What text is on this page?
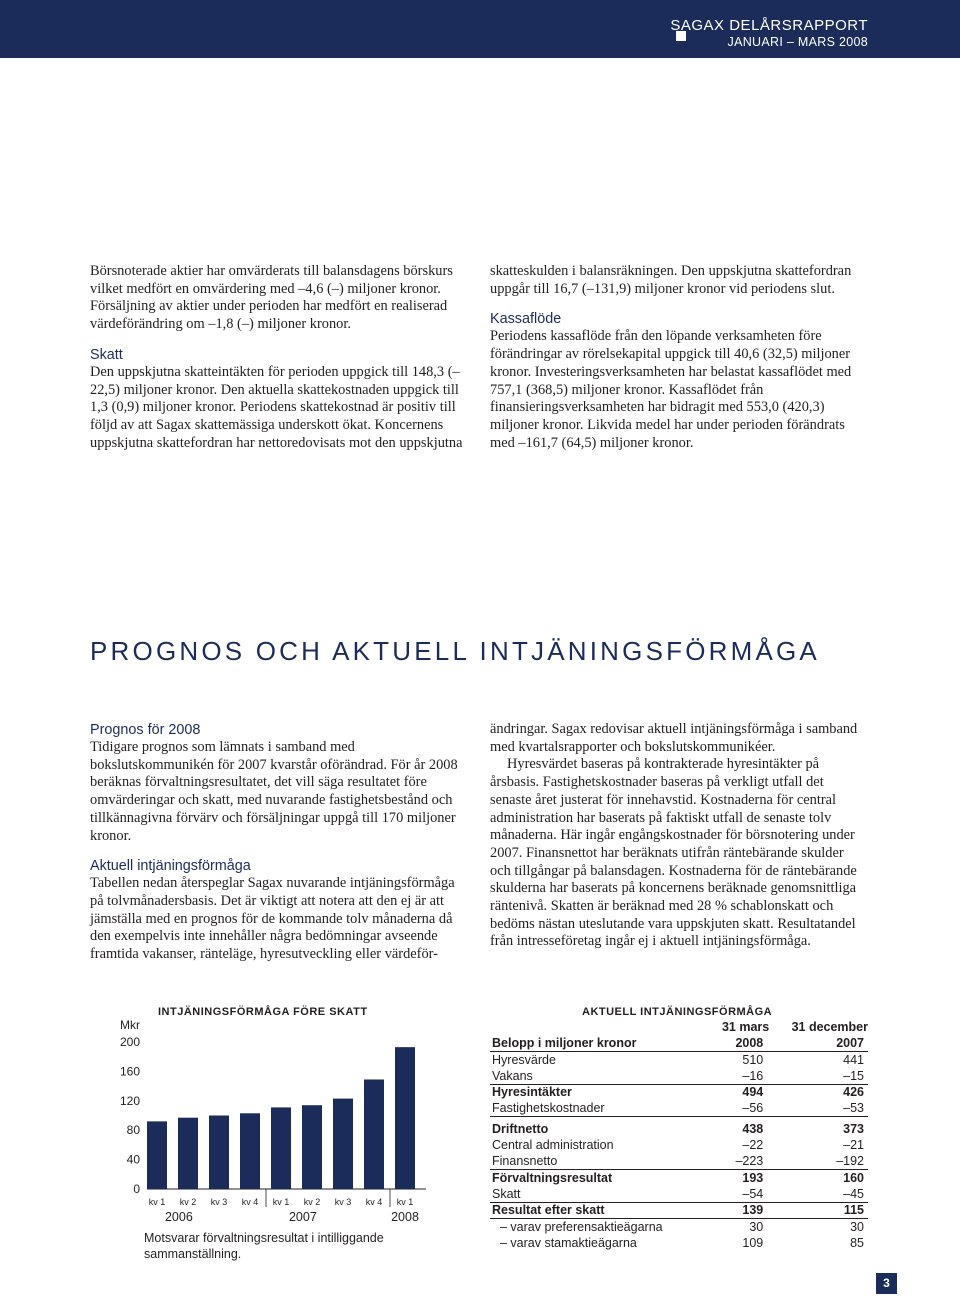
SAGAX DELÅRSRAPPORT
JANUARI – MARS 2008

Börsnoterade aktier har omvärderats till balansdagens börskurs vilket medfört en omvärdering med –4,6 (–) miljoner kronor. Försäljning av aktier under perioden har medfört en realiserad värdeförändring om –1,8 (–) miljoner kronor.

Skatt

Den uppskjutna skatteintäkten för perioden uppgick till 148,3 (–22,5) miljoner kronor. Den aktuella skattekostnaden uppgick till 1,3 (0,9) miljoner kronor. Periodens skattekostnad är positiv till följd av att Sagax skattemässiga underskott ökat. Koncernens uppskjutna skattefordran har nettoredovisats mot den uppskjutna

skatteskulden i balansräkningen. Den uppskjutna skattefordran uppgår till 16,7 (–131,9) miljoner kronor vid periodens slut.

Kassaflöde

Periodens kassaflöde från den löpande verksamheten före förändringar av rörelsekapital uppgick till 40,6 (32,5) miljoner kronor. Investeringsverksamheten har belastat kassaflödet med 757,1 (368,5) miljoner kronor. Kassaflödet från finansieringsverksamheten har bidragit med 553,0 (420,3) miljoner kronor. Likvida medel har under perioden förändrats med –161,7 (64,5) miljoner kronor.

PROGNOS OCH AKTUELL INTJÄNINGSFÖRMÅGA

Prognos för 2008

Tidigare prognos som lämnats i samband med bokslutskommunikén för 2007 kvarstår oförändrad. För år 2008 beräknas förvaltningsresultatet, det vill säga resultatet före omvärderingar och skatt, med nuvarande fastighetsbestånd och tillkännagivna förvärv och försäljningar uppgå till 170 miljoner kronor.

Aktuell intjäningsförmåga

Tabellen nedan återspeglar Sagax nuvarande intjäningsförmåga på tolvmånadersbasis. Det är viktigt att notera att den ej är att jämställa med en prognos för de kommande tolv månaderna då den exempelvis inte innehåller några bedömningar avseende framtida vakanser, ränteläge, hyresutveckling eller värdeför-

ändringar. Sagax redovisar aktuell intjäningsförmåga i samband med kvartalsrapporter och bokslutskommunikéer.

Hyresvärdet baseras på kontrakterade hyresintäkter på årsbasis. Fastighetskostnader baseras på verkligt utfall det senaste året justerat för innehavstid. Kostnaderna för central administration har baserats på faktiskt utfall de senaste tolv månaderna. Här ingår engångskostnader för börsnotering under 2007. Finansnettot har beräknats utifrån räntebärande skulder och tillgångar på balansdagen. Kostnaderna för de räntebärande skulderna har baserats på koncernens beräknade genomsnittliga räntenivå. Skatten är beräknad med 28 % schablonskatt och bedöms nästan uteslutande vara uppskjuten skatt. Resultatandel från intresseföretag ingår ej i aktuell intjäningsförmåga.

INTJÄNINGSFÖRMÅGA FÖRE SKATT
Mkr
0
40
80
120
160
200
kv 1 kv 2 kv 3 kv 4 kv 1 kv 2 kv 3 kv 4 kv 1
2006	2007	2008
Motsvarar förvaltningsresultat i intilliggande sammanställning.
AKTUELL INTJÄNINGSFÖRMÅGA
	31 mars	31 december
Belopp i miljoner kronor	2008	2007
Hyresvärde	510	441
Vakans	–16	–15
Hyresintäkter	494	426
Fastighetskostnader	–56	–53

Driftnetto	438	373
Central administration	–22	–21
Finansnetto	–223	–192
Förvaltningsresultat	193	160
Skatt	–54	–45
Resultat efter skatt	139	115
– varav preferensaktieägarna	30	30
– varav stamaktieägarna	109	85
3
